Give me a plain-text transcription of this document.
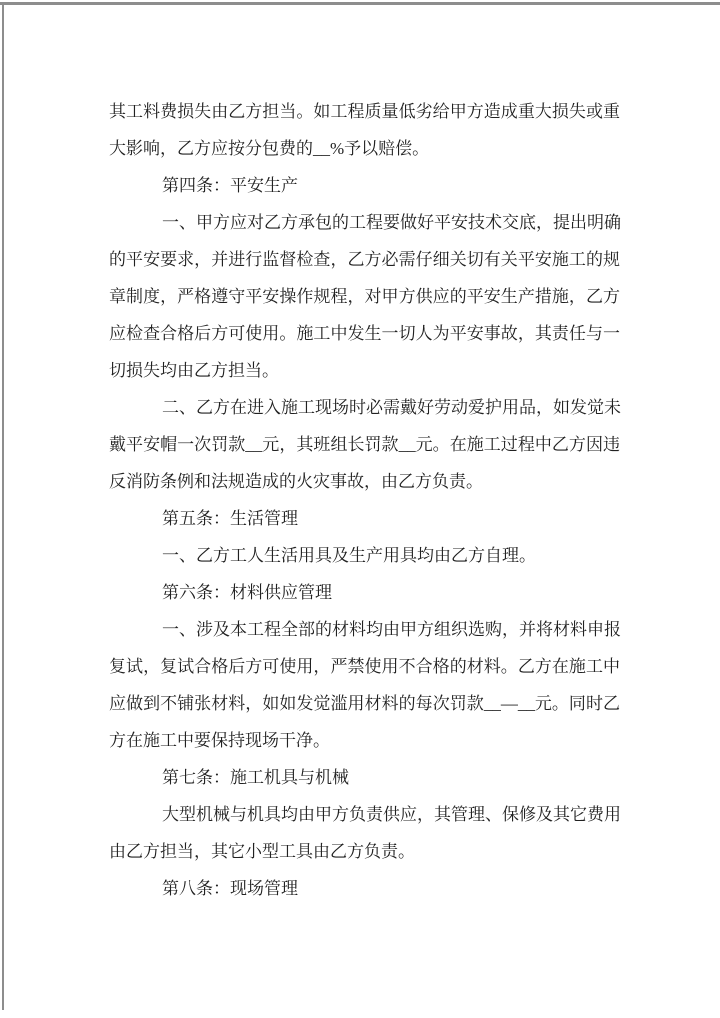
其工料费损失由乙方担当。如工程质量低劣给甲方造成重大损失或重
大影响，乙方应按分包费的__%予以赔偿。
第四条：平安生产
一、甲方应对乙方承包的工程要做好平安技术交底，提出明确
的平安要求，并进行监督检查，乙方必需仔细关切有关平安施工的规
章制度，严格遵守平安操作规程，对甲方供应的平安生产措施，乙方
应检查合格后方可使用。施工中发生一切人为平安事故，其责任与一
切损失均由乙方担当。
二、乙方在进入施工现场时必需戴好劳动爱护用品，如发觉未
戴平安帽一次罚款__元，其班组长罚款__元。在施工过程中乙方因违
反消防条例和法规造成的火灾事故，由乙方负责。
第五条：生活管理
一、乙方工人生活用具及生产用具均由乙方自理。
第六条：材料供应管理
一、涉及本工程全部的材料均由甲方组织选购，并将材料申报
复试，复试合格后方可使用，严禁使用不合格的材料。乙方在施工中
应做到不铺张材料，如如发觉滥用材料的每次罚款__—__元。同时乙
方在施工中要保持现场干净。
第七条：施工机具与机械
大型机械与机具均由甲方负责供应，其管理、保修及其它费用
由乙方担当，其它小型工具由乙方负责。
第八条：现场管理
